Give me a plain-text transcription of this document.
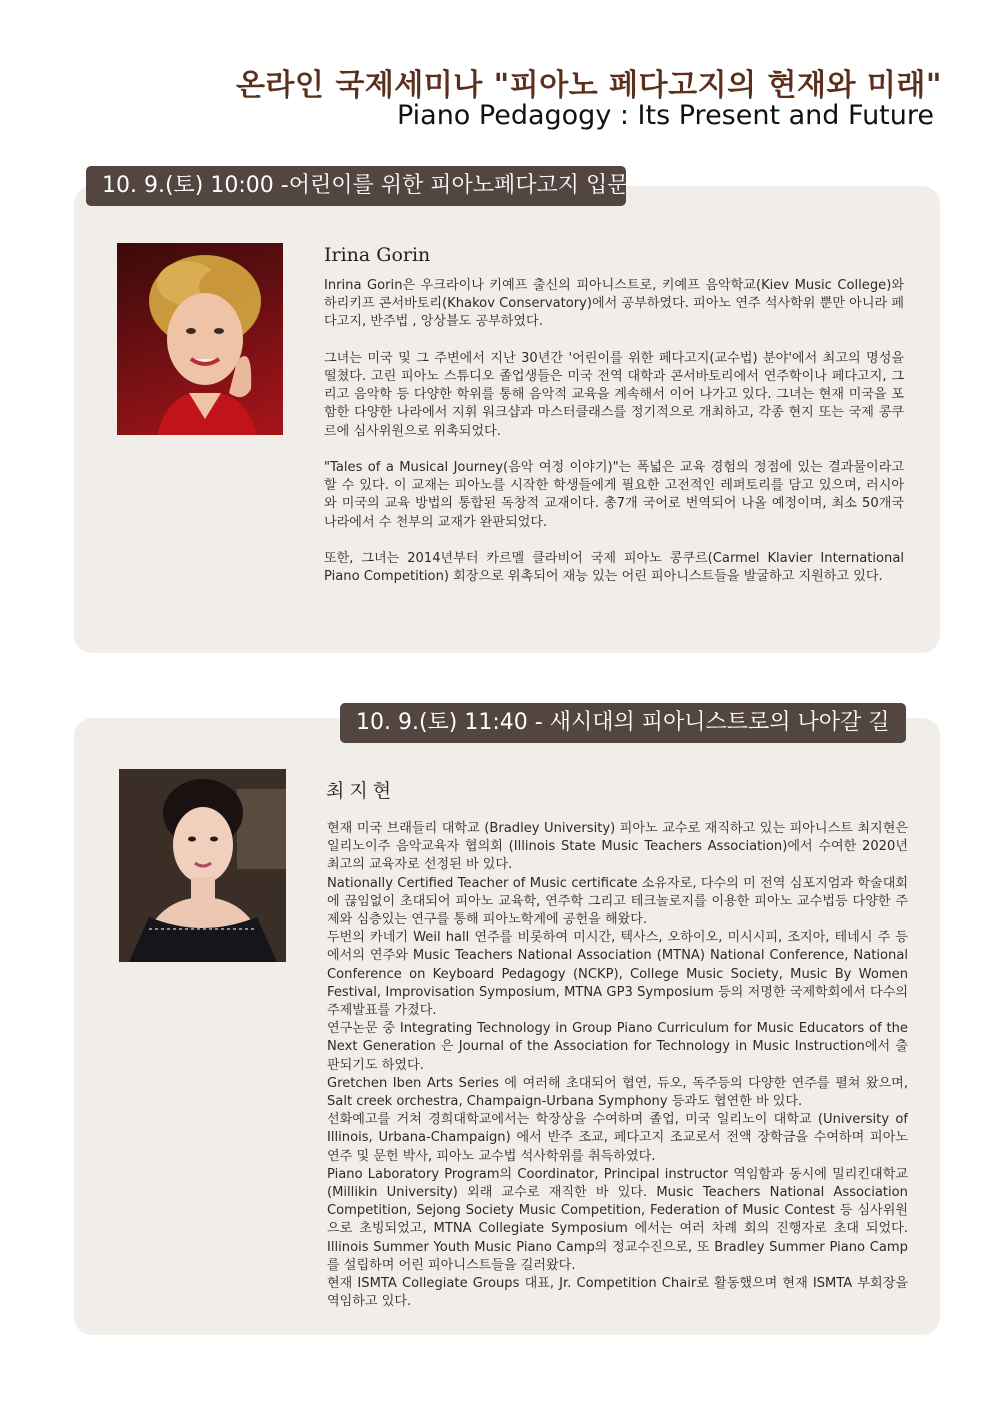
온라인 국제세미나 "피아노 페다고지의 현재와 미래"
Piano Pedagogy : Its Present and Future
10. 9.(토) 10:00 -어린이를 위한 피아노페다고지 입문
Irina Gorin

Inrina Gorin은 우크라이나 키예프 출신의 피아니스트로, 키예프 음악학교(Kiev Music College)와 하리키프 콘서바토리(Khakov Conservatory)에서 공부하였다. 피아노 연주 석사학위 뿐만 아니라 페다고지, 반주법 , 앙상블도 공부하였다.

그녀는 미국 및 그 주변에서 지난 30년간 '어린이를 위한 페다고지(교수법) 분야'에서 최고의 명성을 떨쳤다. 고린 피아노 스튜디오 졸업생들은 미국 전역 대학과 콘서바토리에서 연주학이나 페다고지, 그리고 음악학 등 다양한 학위를 통해 음악적 교육을 계속해서 이어 나가고 있다. 그녀는 현재 미국을 포함한 다양한 나라에서 지휘 워크샵과 마스터클래스를 정기적으로 개최하고, 각종 현지 또는 국제 콩쿠르에 심사위원으로 위촉되었다.

"Tales of a Musical Journey(음악 여정 이야기)"는 폭넓은 교육 경험의 정점에 있는 결과물이라고 할 수 있다. 이 교재는 피아노를 시작한 학생들에게 필요한 고전적인 레퍼토리를 담고 있으며, 러시아와 미국의 교육 방법의 통합된 독창적 교재이다. 총7개 국어로 번역되어 나올 예정이며, 최소 50개국 나라에서 수 천부의 교재가 완판되었다.

또한, 그녀는 2014년부터 카르멜 클라비어 국제 피아노 콩쿠르(Carmel Klavier International Piano Competition) 회장으로 위촉되어 재능 있는 어린 피아니스트들을 발굴하고 지원하고 있다.

10. 9.(토) 11:40 - 새시대의 피아니스트로의 나아갈 길
최지현

현재 미국 브래들리 대학교 (Bradley University) 피아노 교수로 재직하고 있는 피아니스트 최지현은 일리노이주 음악교육자 협의회 (Illinois State Music Teachers Association)에서 수여한 2020년 최고의 교육자로 선정된 바 있다.

Nationally Certified Teacher of Music certificate 소유자로, 다수의 미 전역 심포지엄과 학술대회에 끊임없이 초대되어 피아노 교육학, 연주학 그리고 테크놀로지를 이용한 피아노 교수법등 다양한 주제와 심층있는 연구를 통해 피아노학계에 공헌을 해왔다.

두번의 카네기 Weil hall 연주를 비롯하여 미시간, 텍사스, 오하이오, 미시시피, 조지아, 테네시 주 등에서의 연주와 Music Teachers National Association (MTNA) National Conference, National Conference on Keyboard Pedagogy (NCKP), College Music Society, Music By Women Festival, Improvisation Symposium, MTNA GP3 Symposium 등의 저명한 국제학회에서 다수의 주제발표를 가졌다.

연구논문 중 Integrating Technology in Group Piano Curriculum for Music Educators of the Next Generation 은 Journal of the Association for Technology in Music Instruction에서 출판되기도 하였다.

Gretchen Iben Arts Series 에 여러해 초대되어 협연, 듀오, 독주등의 다양한 연주를 펼쳐 왔으며, Salt creek orchestra, Champaign-Urbana Symphony 등과도 협연한 바 있다.

선화예고를 거쳐 경희대학교에서는 학장상을 수여하며 졸업, 미국 일리노이 대학교 (University of Illinois, Urbana-Champaign) 에서 반주 조교, 페다고지 조교로서 전액 장학금을 수여하며 피아노 연주 및 문헌 박사, 피아노 교수법 석사학위를 취득하였다.

Piano Laboratory Program의 Coordinator, Principal instructor 역임함과 동시에 밀리킨대학교 (Millikin University) 외래 교수로 재직한 바 있다. Music Teachers National Association Competition, Sejong Society Music Competition, Federation of Music Contest 등 심사위원으로 초빙되었고, MTNA Collegiate Symposium 에서는 여러 차례 회의 진행자로 초대 되었다. Illinois Summer Youth Music Piano Camp의 정교수진으로, 또 Bradley Summer Piano Camp를 설립하며 어린 피아니스트들을 길러왔다.

현재 ISMTA Collegiate Groups 대표, Jr. Competition Chair로 활동했으며 현재 ISMTA 부회장을 역임하고 있다.
